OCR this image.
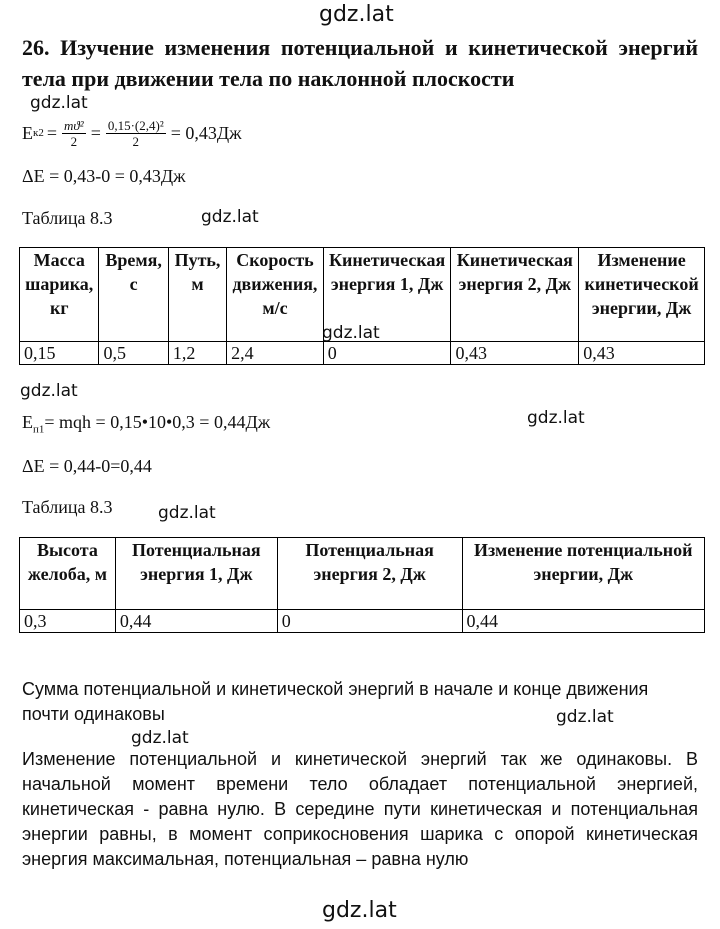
gdz.lat
gdz.lat
gdz.lat
gdz.lat
gdz.lat
gdz.lat
gdz.lat
gdz.lat
gdz.lat
gdz.lat
26. Изучение изменения потенциальной и кинетической энергий тела при движении тела по наклонной плоскости
E $к2 = \frac{\text{mϑ²}}{2} = \frac{\text{0,15·(2,4)²}}{2} = 0,43Дж$
ΔE = 0,43-0 = 0,43Дж
Таблица 8.3
Масса шарика, кг	Время, с	Путь, м	Скорость движения, м/с	Кинетическая энергия 1, Дж	Кинетическая энергия 2, Дж	Изменение кинетической энергии, Дж
0,15	0,5	1,2	2,4	0	0,43	0,43
$E_{п1}=$ mqh = 0,15•10•0,3 = 0,44Дж
ΔE = 0,44-0=0,44
Таблица 8.3
Высота желоба, м	Потенциальная энергия 1, Дж	Потенциальная энергия 2, Дж	Изменение потенциальной энергии, Дж
0,3	0,44	0	0,44
Сумма потенциальной и кинетической энергий в начале и конце движения почти одинаковы
Изменение потенциальной и кинетической энергий так же одинаковы. В
начальной момент времени тело обладает потенциальной энергией,
кинетическая - равна нулю. В середине пути кинетическая и потенциальная
энергии равны, в момент соприкосновения шарика с опорой кинетическая
энергия максимальная, потенциальная – равна нулю
